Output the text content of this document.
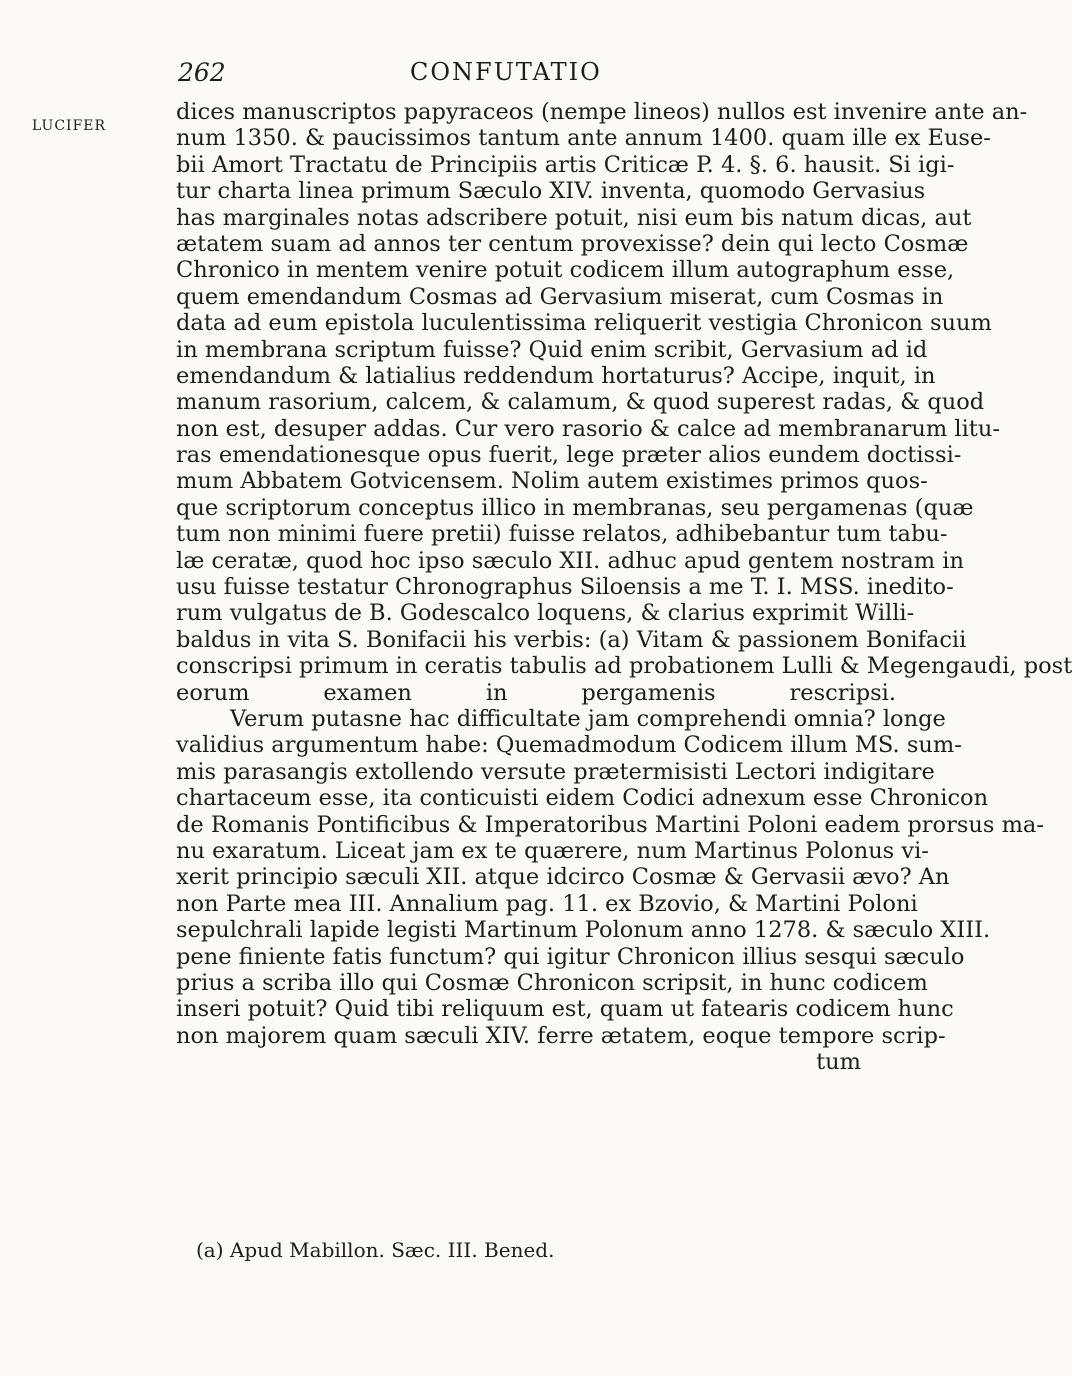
262	CONFUTATIO
LUCIFER
dices manuscriptos papyraceos (nempe lineos) nullos est invenire ante an-
num 1350. & paucissimos tantum ante annum 1400. quam ille ex Euse-
bii Amort Tractatu de Principiis artis Criticæ P. 4. §. 6. hausit. Si igi-
tur charta linea primum Sæculo XIV. inventa, quomodo Gervasius
has marginales notas adscribere potuit, nisi eum bis natum dicas, aut
ætatem suam ad annos ter centum provexisse? dein qui lecto Cosmæ
Chronico in mentem venire potuit codicem illum autographum esse,
quem emendandum Cosmas ad Gervasium miserat, cum Cosmas in
data ad eum epistola luculentissima reliquerit vestigia Chronicon suum
in membrana scriptum fuisse? Quid enim scribit, Gervasium ad id
emendandum & latialius reddendum hortaturus? Accipe, inquit, in
manum rasorium, calcem, & calamum, & quod superest radas, & quod
non est, desuper addas. Cur vero rasorio & calce ad membranarum litu-
ras emendationesque opus fuerit, lege præter alios eundem doctissi-
mum Abbatem Gotvicensem. Nolim autem existimes primos quos-
que scriptorum conceptus illico in membranas, seu pergamenas (quæ
tum non minimi fuere pretii) fuisse relatos, adhibebantur tum tabu-
læ ceratæ, quod hoc ipso sæculo XII. adhuc apud gentem nostram in
usu fuisse testatur Chronographus Siloensis a me T. I. MSS. inedito-
rum vulgatus de B. Godescalco loquens, & clarius exprimit Willi-
baldus in vita S. Bonifacii his verbis: (a) Vitam & passionem Bonifacii
conscripsi primum in ceratis tabulis ad probationem Lulli & Megengaudi, post
eorum examen in pergamenis rescripsi.
Verum putasne hac difficultate jam comprehendi omnia? longe
validius argumentum habe: Quemadmodum Codicem illum MS. sum-
mis parasangis extollendo versute prætermisisti Lectori indigitare
chartaceum esse, ita conticuisti eidem Codici adnexum esse Chronicon
de Romanis Pontificibus & Imperatoribus Martini Poloni eadem prorsus ma-
nu exaratum. Liceat jam ex te quærere, num Martinus Polonus vi-
xerit principio sæculi XII. atque idcirco Cosmæ & Gervasii ævo? An
non Parte mea III. Annalium pag. 11. ex Bzovio, & Martini Poloni
sepulchrali lapide legisti Martinum Polonum anno 1278. & sæculo XIII.
pene finiente fatis functum? qui igitur Chronicon illius sesqui sæculo
prius a scriba illo qui Cosmæ Chronicon scripsit, in hunc codicem
inseri potuit? Quid tibi reliquum est, quam ut fatearis codicem hunc
non majorem quam sæculi XIV. ferre ætatem, eoque tempore scrip-
tum
(a) Apud Mabillon. Sæc. III. Bened.
